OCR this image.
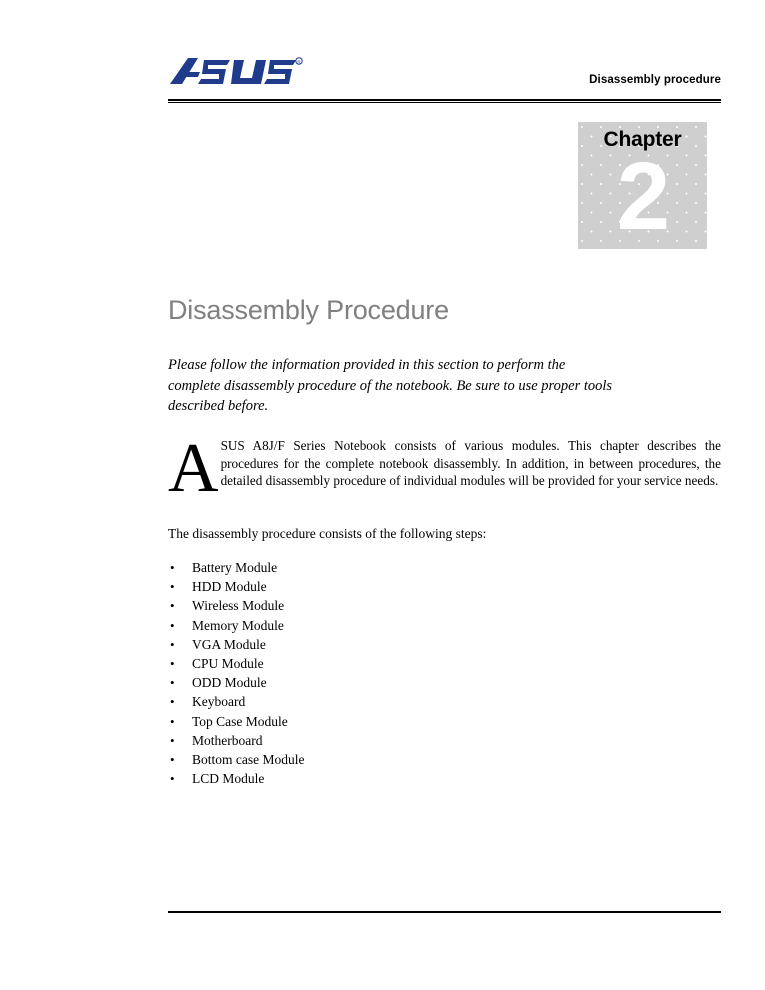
R
Disassembly procedure
Chapter
2
Disassembly Procedure
Please follow the information provided in this section to perform the complete disassembly procedure of the notebook. Be sure to use proper tools described before.
A SUS A8J/F Series Notebook consists of various modules. This chapter describes the procedures for the complete notebook disassembly. In addition, in between procedures, the detailed disassembly procedure of individual modules will be provided for your service needs.
The disassembly procedure consists of the following steps:
• Battery Module
• HDD Module
• Wireless Module
• Memory Module
• VGA Module
• CPU Module
• ODD Module
• Keyboard
• Top Case Module
• Motherboard
• Bottom case Module
• LCD Module
